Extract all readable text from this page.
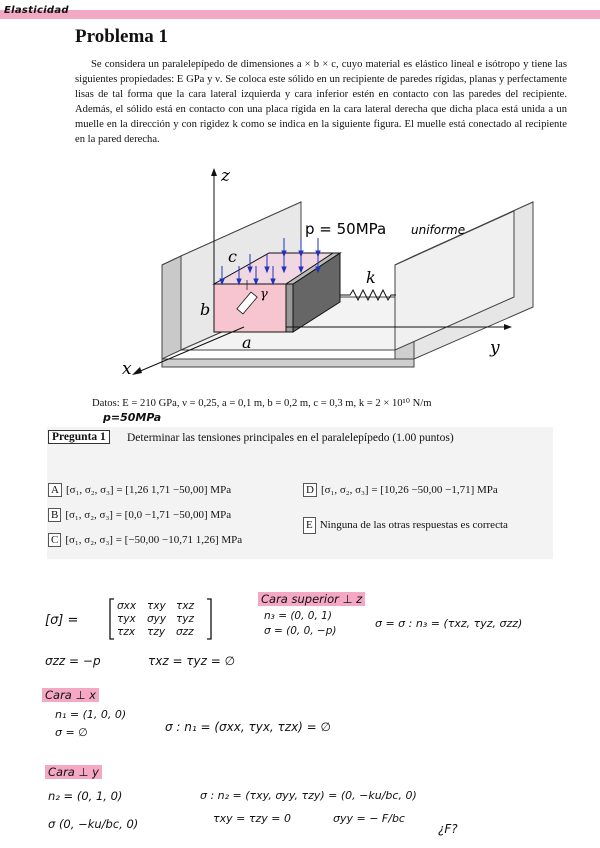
Elasticidad
Problema 1

Se considera un paralelepípedo de dimensiones a × b × c, cuyo material es elástico lineal e isótropo y tiene las siguientes propiedades: E GPa y ν. Se coloca este sólido en un recipiente de paredes rígidas, planas y perfectamente lisas de tal forma que la cara lateral izquierda y cara inferior estén en contacto con las paredes del recipiente. Además, el sólido está en contacto con una placa rígida en la cara lateral derecha que dicha placa está unida a un muelle en la dirección y con rigidez k como se indica en la siguiente figura. El muelle está conectado al recipiente en la pared derecha.

z
x
y
a
b
c
k
γ
p = 50MPa uniforme
Datos: E = 210 GPa, ν = 0,25, a = 0,1 m, b = 0,2 m, c = 0,3 m, k = 2 × 10¹⁰ N/m
p=50MPa
Pregunta 1	Determinar las tensiones principales en el paralelepípedo (1.00 puntos)
A [σ₁, σ₂, σ₃] = [1,26 1,71 −50,00] MPa
B [σ₁, σ₂, σ₃] = [0,0 −1,71 −50,00] MPa
C [σ₁, σ₂, σ₃] = [−50,00 −10,71 1,26] MPa
D [σ₁, σ₂, σ₃] = [10,26 −50,00 −1,71] MPa
E Ninguna de las otras respuestas es correcta
[σ] =
σxx τxy τxz
τyx σyy τyz
τzx τzy σzz
Cara superior ⊥ z
n₃ = (0, 0, 1)
σ = (0, 0, −p)
σ = σ : n₃ = (τxz, τyz, σzz)
σzz = −p	τxz = τyz = ∅
Cara ⊥ x
n₁ = (1, 0, 0)
σ = ∅	σ : n₁ = (σxx, τyx, τzx) = ∅
Cara ⊥ y
n₂ = (0, 1, 0)
σ (0, −ku/bc, 0)
σ : n₂ = (τxy, σyy, τzy) = (0, −ku/bc, 0)
τxy = τzy = 0	σyy = − F/bc
¿F?
